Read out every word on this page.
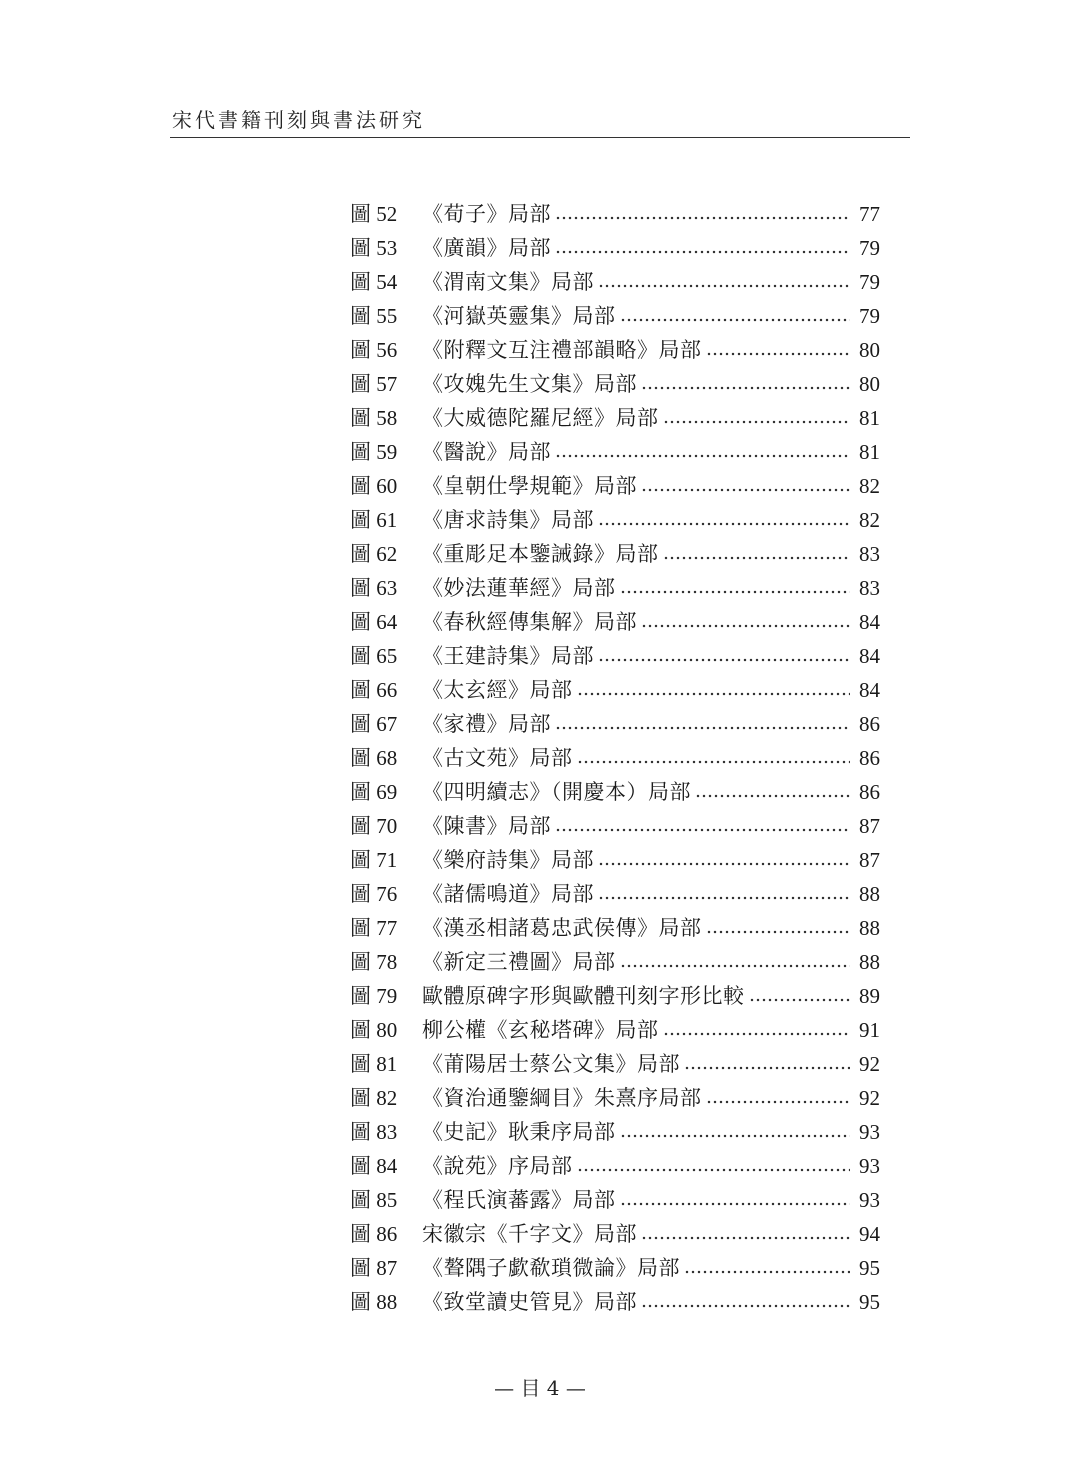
宋代書籍刊刻與書法研究
圖 52	《荀子》局部	77
圖 53	《廣韻》局部	79
圖 54	《渭南文集》局部	79
圖 55	《河嶽英靈集》局部	79
圖 56	《附釋文互注禮部韻略》局部	80
圖 57	《攻媿先生文集》局部	80
圖 58	《大威德陀羅尼經》局部	81
圖 59	《醫說》局部	81
圖 60	《皇朝仕學規範》局部	82
圖 61	《唐求詩集》局部	82
圖 62	《重彫足本鑒誡錄》局部	83
圖 63	《妙法蓮華經》局部	83
圖 64	《春秋經傳集解》局部	84
圖 65	《王建詩集》局部	84
圖 66	《太玄經》局部	84
圖 67	《家禮》局部	86
圖 68	《古文苑》局部	86
圖 69	《四明續志》（開慶本）局部	86
圖 70	《陳書》局部	87
圖 71	《樂府詩集》局部	87
圖 76	《諸儒鳴道》局部	88
圖 77	《漢丞相諸葛忠武侯傳》局部	88
圖 78	《新定三禮圖》局部	88
圖 79	歐體原碑字形與歐體刊刻字形比較	89
圖 80	柳公權《玄秘塔碑》局部	91
圖 81	《莆陽居士蔡公文集》局部	92
圖 82	《資治通鑒綱目》朱熹序局部	92
圖 83	《史記》耿秉序局部	93
圖 84	《說苑》序局部	93
圖 85	《程氏演蕃露》局部	93
圖 86	宋徽宗《千字文》局部	94
圖 87	《聱隅子歔欷瑣微論》局部	95
圖 88	《致堂讀史管見》局部	95
— 目 4 —
